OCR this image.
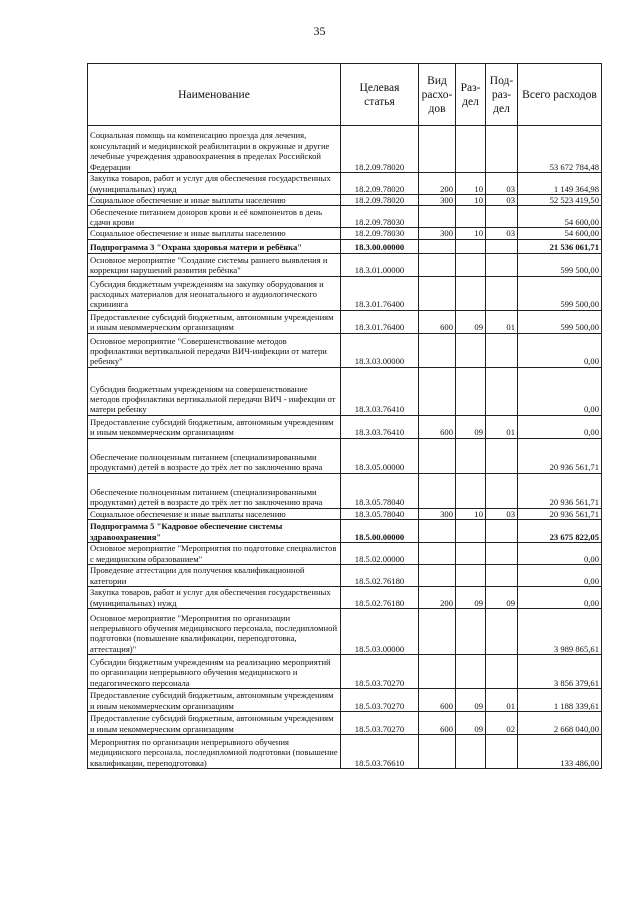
35
Наименование	Целевая статья	Вид расхо-дов	Раз-дел	Под-раз-дел	Всего расходов
Социальная помощь на компенсацию проезда для лечения, консультаций и медицинской реабилитации в окружные и другие лечебные учреждения здравоохранения в пределах Российской Федерации	18.2.09.78020				53 672 784,48
Закупка товаров, работ и услуг для обеспечения государственных (муниципальных) нужд	18.2.09.78020	200	10	03	1 149 364,98
Социальное обеспечение и иные выплаты населению	18.2.09.78020	300	10	03	52 523 419,50
Обеспечение питанием доноров крови и её компонентов в день сдачи крови	18.2.09.78030				54 600,00
Социальное обеспечение и иные выплаты населению	18.2.09.78030	300	10	03	54 600,00
Подпрограмма 3 "Охрана здоровья матери и ребёнка"	18.3.00.00000				21 536 061,71
Основное мероприятие "Создание системы раннего выявления и коррекции нарушений развития ребёнка"	18.3.01.00000				599 500,00
Субсидия бюджетным учреждениям на закупку оборудования и расходных материалов для неонатального и аудиологического скрининга	18.3.01.76400				599 500,00
Предоставление субсидий бюджетным, автономным учреждениям и иным некоммерческим организациям	18.3.01.76400	600	09	01	599 500,00
Основное мероприятие "Совершенствование методов профилактики вертикальной передачи ВИЧ-инфекции от матери ребенку"	18.3.03.00000				0,00
Субсидия бюджетным учреждениям на совершенствование методов профилактики вертикальной передачи ВИЧ - инфекции от матери ребенку	18.3.03.76410				0,00
Предоставление субсидий бюджетным, автономным учреждениям и иным некоммерческим организациям	18.3.03.76410	600	09	01	0,00
Обеспечение полноценным питанием (специализированными продуктами) детей в возрасте до трёх лет по заключению врача	18.3.05.00000				20 936 561,71
Обеспечение полноценным питанием (специализированными продуктами) детей в возрасте до трёх лет по заключению врача	18.3.05.78040				20 936 561,71
Социальное обеспечение и иные выплаты населению	18.3.05.78040	300	10	03	20 936 561,71
Подпрограмма 5 "Кадровое обеспечение системы здравоохранения"	18.5.00.00000				23 675 822,05
Основное мероприятие "Мероприятия по подготовке специалистов с медицинским образованием"	18.5.02.00000				0,00
Проведение аттестации для получения квалификационной категории	18.5.02.76180				0,00
Закупка товаров, работ и услуг для обеспечения государственных (муниципальных) нужд	18.5.02.76180	200	09	09	0,00
Основное мероприятие "Мероприятия по организации непрерывного обучения медицинского персонала, последипломной подготовки (повышение квалификации, переподготовка, аттестация)"	18.5.03.00000				3 989 865,61
Субсидии бюджетным учреждениям на реализацию мероприятий по организации непрерывного обучения медицинского и педагогического персонала	18.5.03.70270				3 856 379,61
Предоставление субсидий бюджетным, автономным учреждениям и иным некоммерческим организациям	18.5.03.70270	600	09	01	1 188 339,61
Предоставление субсидий бюджетным, автономным учреждениям и иным некоммерческим организациям	18.5.03.70270	600	09	02	2 668 040,00
Мероприятия по организации непрерывного обучения медицинского персонала, последипломной подготовки (повышение квалификации, переподготовка)	18.5.03.76610				133 486,00
